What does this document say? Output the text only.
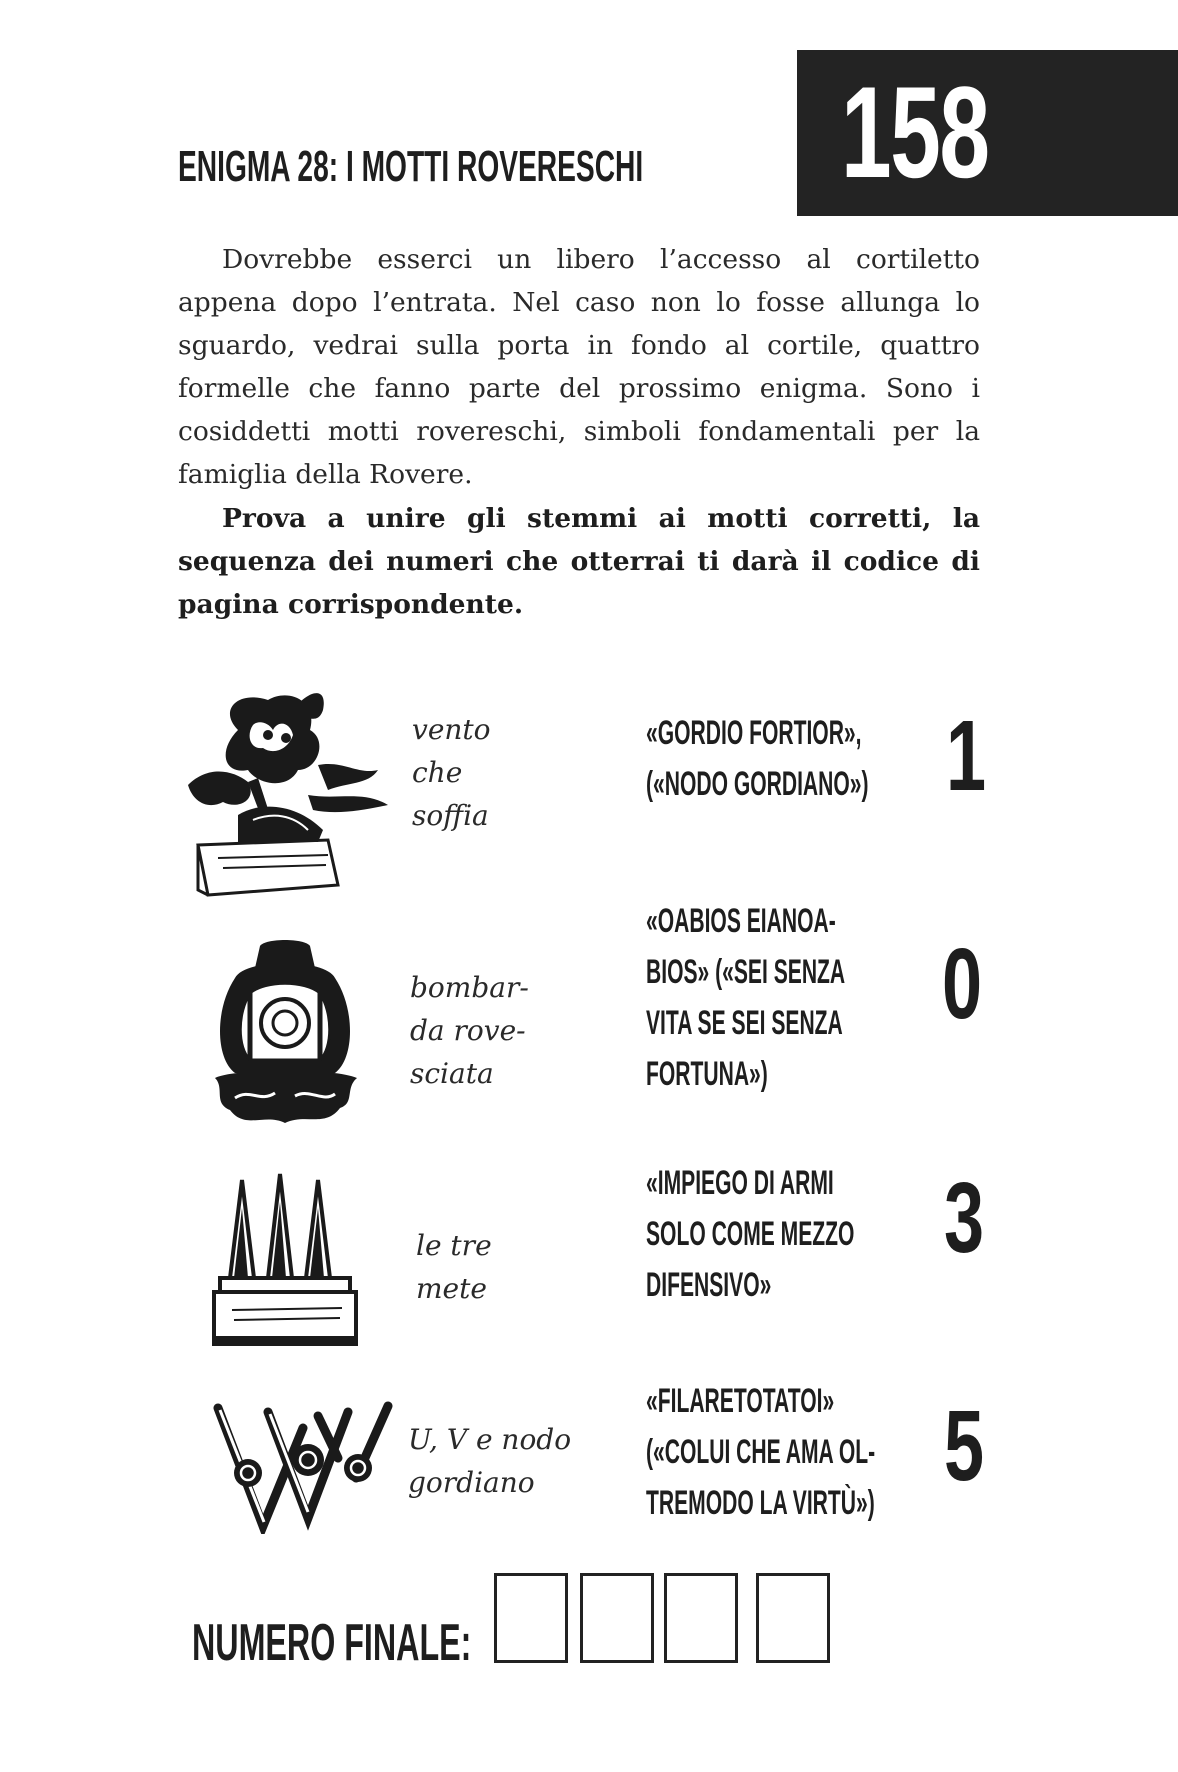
158
ENIGMA 28: I MOTTI ROVERESCHI

Dovrebbe esserci un libero l’accesso al cortiletto appena dopo l’entrata. Nel caso non lo fosse allunga lo sguardo, vedrai sulla porta in fondo al cortile, quattro formelle che fanno parte del prossimo enigma. Sono i cosiddetti motti rovereschi, simboli fondamentali per la famiglia della Rovere.

Prova a unire gli stemmi ai motti corretti, la sequenza dei numeri che otterrai ti darà il codice di pagina corrispondente.

vento
che
soffia
bombar-
da rove-
sciata
le tre
mete
U, V e nodo
gordiano
«GORDIO FORTIOR»,
(«NODO GORDIANO») 1
«OABIOS EIANOA-
BIOS» («SEI SENZA
VITA SE SEI SENZA
FORTUNA»)
0
«IMPIEGO DI ARMI
SOLO COME MEZZO
DIFENSIVO»
3
«FILARETOTATOI»
(«COLUI CHE AMA OL-
TREMODO LA VIRTÙ»)
5
NUMERO FINALE:
